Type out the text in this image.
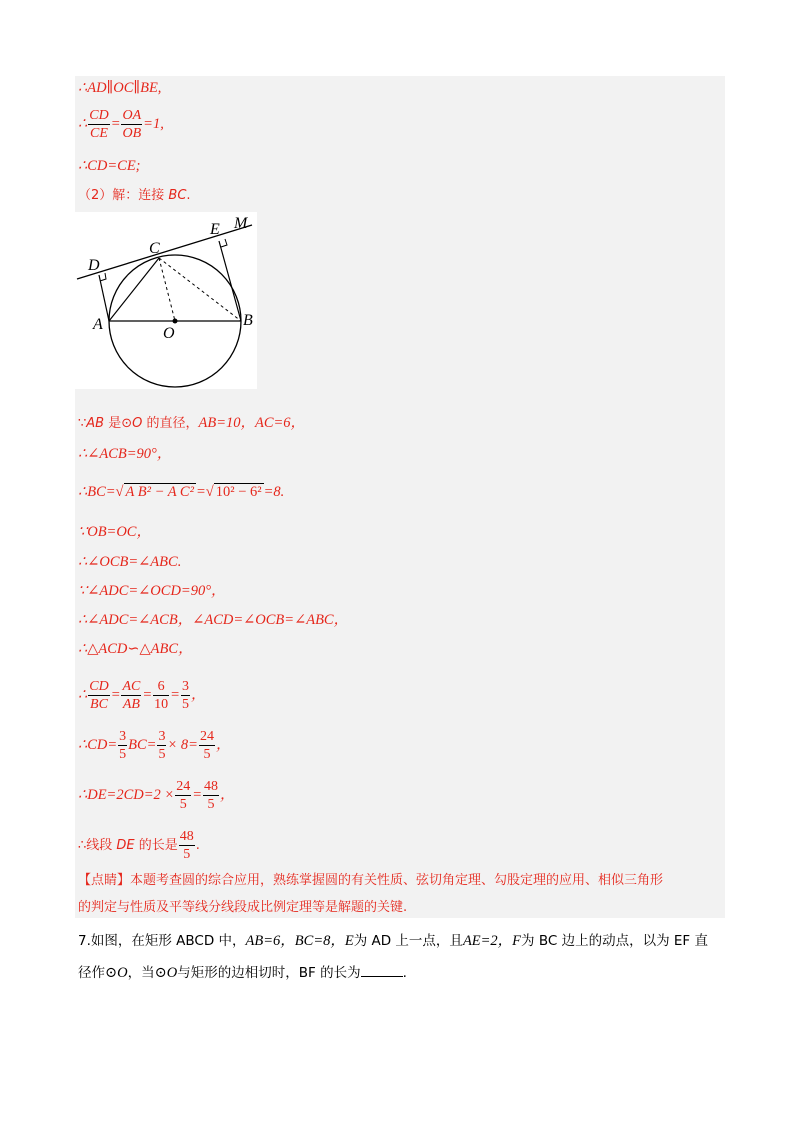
∴AD∥OC∥BE,
∴ $\frac{CD}{CE} = \frac{OA}{OB} =1$,
∴CD=CE;
（2）解：连接 BC.
M
E
C
D
A
O
B
∵AB 是⊙O 的直径，AB=10，AC=6，
∴∠ACB=90°，
∴BC=√ A B² − A C² =√ 10² − 6² =8.
∵OB=OC，
∴∠OCB=∠ABC.
∵∠ADC=∠OCD=90°，
∴∠ADC=∠ACB，∠ACD=∠OCB=∠ABC，
∴△ACD∽△ABC，
∴ $\frac{CD}{BC} = \frac{AC}{AB} = \frac{6}{10} = \frac{3}{5}$ ，
∴CD= $\frac{3}{5} BC= \frac{3}{5} \times 8= \frac{24}{5}$ ，
∴DE=2CD=2 × $\frac{24}{5} = \frac{48}{5}$ ，
∴线段 DE 的长是 $\frac{48}{5}$ .
【点睛】本题考查圆的综合应用，熟练掌握圆的有关性质、弦切角定理、勾股定理的应用、相似三角形
的判定与性质及平等线分线段成比例定理等是解题的关键.
7.如图，在矩形 ABCD 中，AB=6，BC=8，E为 AD 上一点，且AE=2，F为 BC 边上的动点，以为 EF 直
径作⊙O，当⊙O与矩形的边相切时，BF 的长为	.
